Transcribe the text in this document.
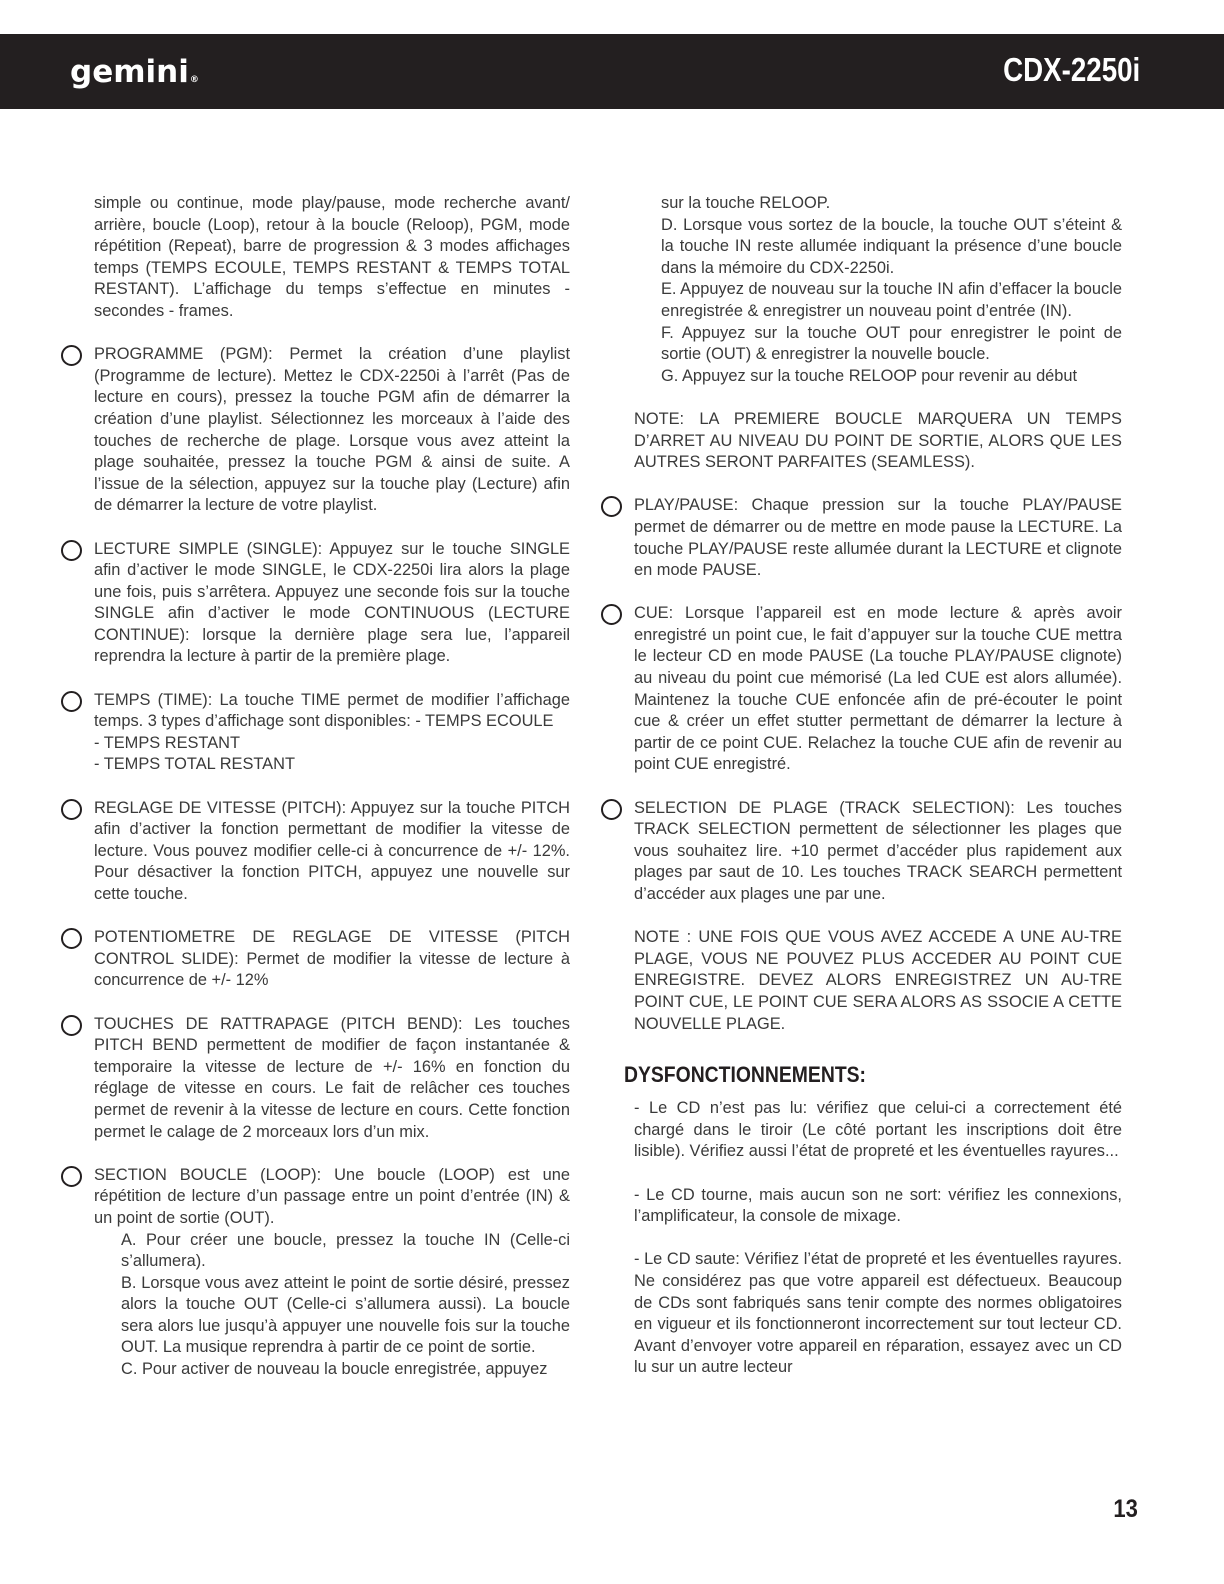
gemini®	CDX-2250i

simple ou continue, mode play/pause, mode recherche avant/ arrière, boucle (Loop), retour à la boucle (Reloop), PGM, mode répétition (Repeat), barre de progression & 3 modes affichages temps (TEMPS ECOULE, TEMPS RESTANT & TEMPS TOTAL RESTANT). L’affichage du temps s’effectue en minutes - secondes - frames.

PROGRAMME (PGM): Permet la création d’une playlist (Programme de lecture). Mettez le CDX-2250i à l’arrêt (Pas de lecture en cours), pressez la touche PGM afin de démarrer la création d’une playlist. Sélectionnez les morceaux à l’aide des touches de recherche de plage. Lorsque vous avez atteint la plage souhaitée, pressez la touche PGM & ainsi de suite. A l’issue de la sélection, appuyez sur la touche play (Lecture) afin de démarrer la lecture de votre playlist.

LECTURE SIMPLE (SINGLE): Appuyez sur le touche SINGLE afin d’activer le mode SINGLE, le CDX-2250i lira alors la plage une fois, puis s’arrêtera. Appuyez une seconde fois sur la touche SINGLE afin d’activer le mode CONTINUOUS (LECTURE CONTINUE): lorsque la dernière plage sera lue, l’appareil reprendra la lecture à partir de la première plage.

TEMPS (TIME): La touche TIME permet de modifier l’affichage temps. 3 types d’affichage sont disponibles: - TEMPS ECOULE

- TEMPS RESTANT
- TEMPS TOTAL RESTANT

REGLAGE DE VITESSE (PITCH): Appuyez sur la touche PITCH afin d’activer la fonction permettant de modifier la vitesse de lecture. Vous pouvez modifier celle-ci à concurrence de +/- 12%. Pour désactiver la fonction PITCH, appuyez une nouvelle sur cette touche.

POTENTIOMETRE DE REGLAGE DE VITESSE (PITCH CONTROL SLIDE): Permet de modifier la vitesse de lecture à concurrence de +/- 12%

TOUCHES DE RATTRAPAGE (PITCH BEND): Les touches PITCH BEND permettent de modifier de façon instantanée & temporaire la vitesse de lecture de +/- 16% en fonction du réglage de vitesse en cours. Le fait de relâcher ces touches permet de revenir à la vitesse de lecture en cours. Cette fonction permet le calage de 2 morceaux lors d’un mix.

SECTION BOUCLE (LOOP): Une boucle (LOOP) est une répétition de lecture d’un passage entre un point d’entrée (IN) & un point de sortie (OUT).

A. Pour créer une boucle, pressez la touche IN (Celle-ci s’allumera).

B. Lorsque vous avez atteint le point de sortie désiré, pressez alors la touche OUT (Celle-ci s’allumera aussi). La boucle sera alors lue jusqu’à appuyer une nouvelle fois sur la touche OUT. La musique reprendra à partir de ce point de sortie.

C. Pour activer de nouveau la boucle enregistrée, appuyez

sur la touche RELOOP.

D. Lorsque vous sortez de la boucle, la touche OUT s’éteint & la touche IN reste allumée indiquant la présence d’une boucle dans la mémoire du CDX-2250i.

E. Appuyez de nouveau sur la touche IN afin d’effacer la boucle enregistrée & enregistrer un nouveau point d’entrée (IN).

F. Appuyez sur la touche OUT pour enregistrer le point de sortie (OUT) & enregistrer la nouvelle boucle.

G. Appuyez sur la touche RELOOP pour revenir au début

NOTE: LA PREMIERE BOUCLE MARQUERA UN TEMPS D’ARRET AU NIVEAU DU POINT DE SORTIE, ALORS QUE LES AUTRES SERONT PARFAITES (SEAMLESS).

PLAY/PAUSE: Chaque pression sur la touche PLAY/PAUSE permet de démarrer ou de mettre en mode pause la LECTURE. La touche PLAY/PAUSE reste allumée durant la LECTURE et clignote en mode PAUSE.

CUE: Lorsque l’appareil est en mode lecture & après avoir enregistré un point cue, le fait d’appuyer sur la touche CUE mettra le lecteur CD en mode PAUSE (La touche PLAY/PAUSE clignote) au niveau du point cue mémorisé (La led CUE est alors allumée). Maintenez la touche CUE enfoncée afin de pré-écouter le point cue & créer un effet stutter permettant de démarrer la lecture à partir de ce point CUE. Relachez la touche CUE afin de revenir au point CUE enregistré.

SELECTION DE PLAGE (TRACK SELECTION): Les touches TRACK SELECTION permettent de sélectionner les plages que vous souhaitez lire. +10 permet d’accéder plus rapidement aux plages par saut de 10. Les touches TRACK SEARCH permettent d’accéder aux plages une par une.

NOTE : UNE FOIS QUE VOUS AVEZ ACCEDE A UNE AU-TRE PLAGE, VOUS NE POUVEZ PLUS ACCEDER AU POINT CUE ENREGISTRE. DEVEZ ALORS ENREGISTREZ UN AU-TRE POINT CUE, LE POINT CUE SERA ALORS AS SSOCIE A CETTE NOUVELLE PLAGE.

DYSFONCTIONNEMENTS:

- Le CD n’est pas lu: vérifiez que celui-ci a correctement été chargé dans le tiroir (Le côté portant les inscriptions doit être lisible). Vérifiez aussi l’état de propreté et les éventuelles rayures...

- Le CD tourne, mais aucun son ne sort: vérifiez les connexions, l’amplificateur, la console de mixage.

- Le CD saute: Vérifiez l’état de propreté et les éventuelles rayures. Ne considérez pas que votre appareil est défectueux. Beaucoup de CDs sont fabriqués sans tenir compte des normes obligatoires en vigueur et ils fonctionneront incorrectement sur tout lecteur CD. Avant d’envoyer votre appareil en réparation, essayez avec un CD lu sur un autre lecteur

13
